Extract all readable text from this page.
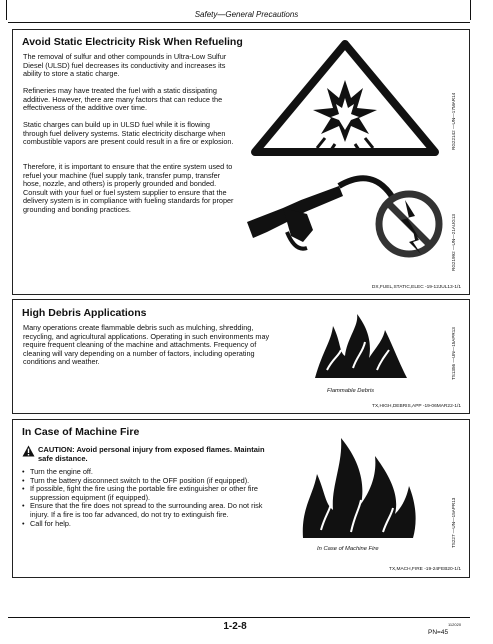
Safety—General Precautions
Avoid Static Electricity Risk When Refueling

The removal of sulfur and other compounds in Ultra-Low Sulfur Diesel (ULSD) fuel decreases its conductivity and increases its ability to store a static charge.

Refineries may have treated the fuel with a static dissipating additive. However, there are many factors that can reduce the effectiveness of the additive over time.

Static charges can build up in ULSD fuel while it is flowing through fuel delivery systems. Static electricity discharge when combustible vapors are present could result in a fire or explosion.

Therefore, it is important to ensure that the entire system used to refuel your machine (fuel supply tank, transfer pump, transfer hose, nozzle, and others) is properly grounded and bonded. Consult with your fuel or fuel system supplier to ensure that the delivery system is in compliance with fueling standards for proper grounding and bonding practices.

RG22142 —UN—17MAR14
RG21992 —UN—21AUG13
DX,FUEL,STATIC,ELEC -19-12JUL13-1/1
High Debris Applications

Many operations create flammable debris such as mulching, shredding, recycling, and agricultural applications. Operating in such environments may require frequent cleaning of the machine and attachments. Frequency of cleaning will vary depending on a number of factors, including operating conditions and weather.

Flammable Debris
TS1356 —UN—15APR13
TX,HIGH,DEBRIS,APP -19-06MAR22-1/1
In Case of Machine Fire
CAUTION: Avoid personal injury from exposed flames. Maintain safe distance.
• Turn the engine off.
• Turn the battery disconnect switch to the OFF position (if equipped).
• If possible, fight the fire using the portable fire extinguisher or other fire suppression equipment (if equipped).
• Ensure that the fire does not spread to the surrounding area. Do not risk injury. If a fire is too far advanced, do not try to extinguish fire.
• Call for help.
In Case of Machine Fire
TS227 —UN—15APR13
TX,MACH,FIRE -19-24FEB20-1/1
1-2-8	112020
PN=45
